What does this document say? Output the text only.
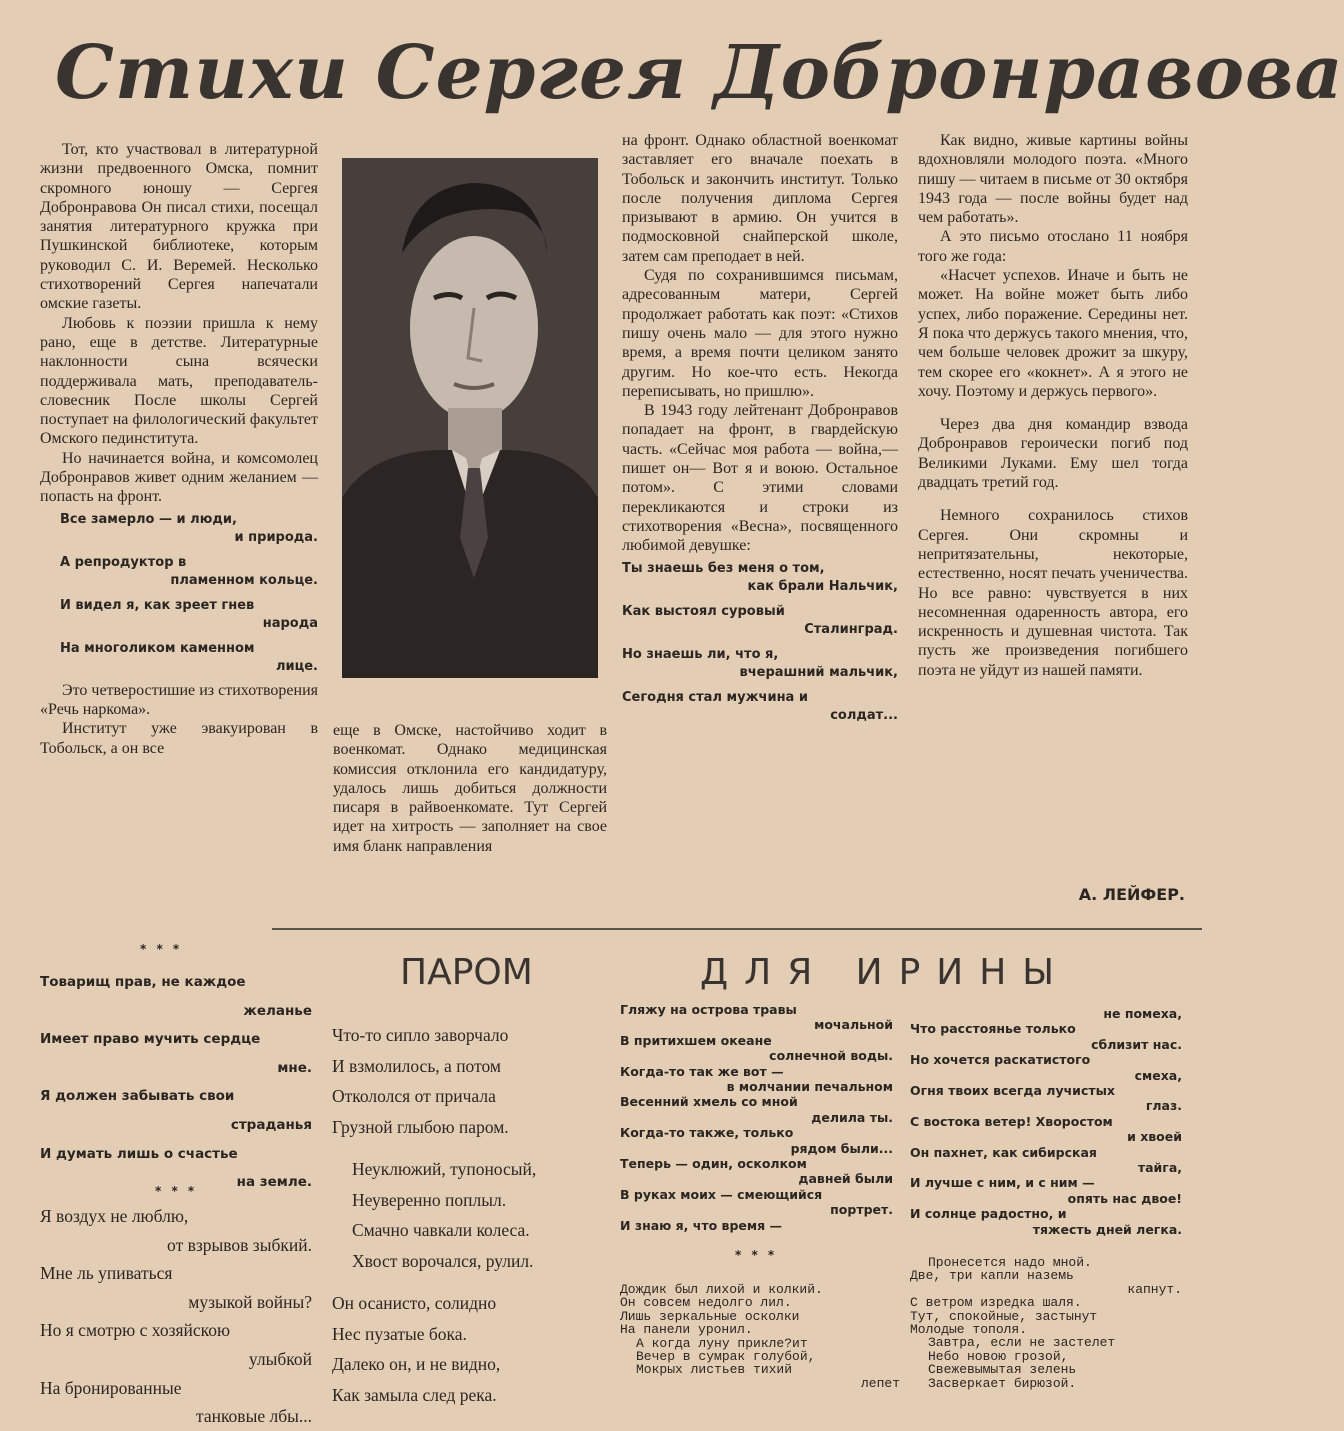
Стихи Сергея Добронравова

Тот, кто участвовал в литературной жизни предвоенного Омска, помнит скромного юношу — Сергея Добронравова Он писал стихи, посещал занятия литературного кружка при Пушкинской библиотеке, которым руководил С. И. Веремей. Несколько стихотворений Сергея напечатали омские газеты.

Любовь к поэзии пришла к нему рано, еще в детстве. Литературные наклонности сына всячески поддерживала мать, преподаватель-словесник После школы Сергей поступает на филологический факультет Омского пединститута.

Но начинается война, и комсомолец Добронравов живет одним желанием — попасть на фронт.

Все замерло — и люди,
и природа.
А репродуктор в
пламенном кольце.
И видел я, как зреет гнев
народа
На многоликом каменном
лице.

Это четверостишие из стихотворения «Речь наркома».

Институт уже эвакуирован в Тобольск, а он все

еще в Омске, настойчиво ходит в военкомат. Однако медицинская комиссия отклонила его кандидатуру, удалось лишь добиться должности писаря в райвоенкомате. Тут Сергей идет на хитрость — заполняет на свое имя бланк направления

на фронт. Однако областной военкомат заставляет его вначале поехать в Тобольск и закончить институт. Только после получения диплома Сергея призывают в армию. Он учится в подмосковной снайперской школе, затем сам преподает в ней.

Судя по сохранившимся письмам, адресованным матери, Сергей продолжает работать как поэт: «Стихов пишу очень мало — для этого нужно время, а время почти целиком занято другим. Но кое-что есть. Некогда переписывать, но пришлю».

В 1943 году лейтенант Добронравов попадает на фронт, в гвардейскую часть. «Сейчас моя работа — война,— пишет он— Вот я и воюю. Остальное потом». С этими словами перекликаются и строки из стихотворения «Весна», посвященного любимой девушке:

Ты знаешь без меня о том,
как брали Нальчик,
Как выстоял суровый
Сталинград.
Но знаешь ли, что я,
вчерашний мальчик,
Сегодня стал мужчина и
солдат...

Как видно, живые картины войны вдохновляли молодого поэта. «Много пишу — читаем в письме от 30 октября 1943 года — после войны будет над чем работать».

А это письмо отослано 11 ноября того же года:

«Насчет успехов. Иначе и быть не может. На войне может быть либо успех, либо поражение. Середины нет. Я пока что держусь такого мнения, что, чем больше человек дрожит за шкуру, тем скорее его «кокнет». А я этого не хочу. Поэтому и держусь первого».

Через два дня командир взвода Добронравов героически погиб под Великими Луками. Ему шел тогда двадцать третий год.

Немного сохранилось стихов Сергея. Они скромны и непритязательны, некоторые, естественно, носят печать ученичества. Но все равно: чувствуется в них несомненная одаренность автора, его искренность и душевная чистота. Так пусть же произведения погибшего поэта не уйдут из нашей памяти.

А. ЛЕЙФЕР.
* * *
Товарищ прав, не каждое
желанье
Имеет право мучить сердце
мне.
Я должен забывать свои
страданья
И думать лишь о счастье
на земле.
* * *
Я воздух не люблю,
от взрывов зыбкий.
Мне ль упиваться
музыкой войны?
Но я смотрю с хозяйскою
улыбкой
На бронированные
танковые лбы...
ПАРОМ
Что-то сипло заворчало
И взмолилось, а потом
Откололся от причала
Грузной глыбою паром.
Неуклюжий, тупоносый,
Неуверенно поплыл.
Смачно чавкали колеса.
Хвост ворочался, рулил.
Он осанисто, солидно
Нес пузатые бока.
Далеко он, и не видно,
Как замыла след река.
ДЛЯ ИРИНЫ
Гляжу на острова травы
мочальной
В притихшем океане
солнечной воды.
Когда-то так же вот —
в молчании печальном
Весенний хмель со мной
делила ты.
Когда-то также, только
рядом были...
Теперь — один, осколком
давней были
В руках моих — смеющийся
портрет.
И знаю я, что время —
не помеха,
Что расстоянье только
сблизит нас.
Но хочется раскатистого
смеха,
Огня твоих всегда лучистых
глаз.
С востока ветер! Хворостом
и хвоей
Он пахнет, как сибирская
тайга,
И лучше с ним, и с ним —
опять нас двое!
И солнце радостно, и
тяжесть дней легка.
* * *
Дождик был лихой и колкий.
Он совсем недолго лил.
Лишь зеркальные осколки
На панели уронил.
А когда луну прикле?ит
Вечер в сумрак голубой,
Мокрых листьев тихий
лепет
Пронесется надо мной.
Две, три капли наземь
капнут.
С ветром изредка шаля.
Тут, спокойные, застынут
Молодые тополя.
Завтра, если не застелет
Небо новою грозой,
Свежевымытая зелень
Засверкает бирюзой.
